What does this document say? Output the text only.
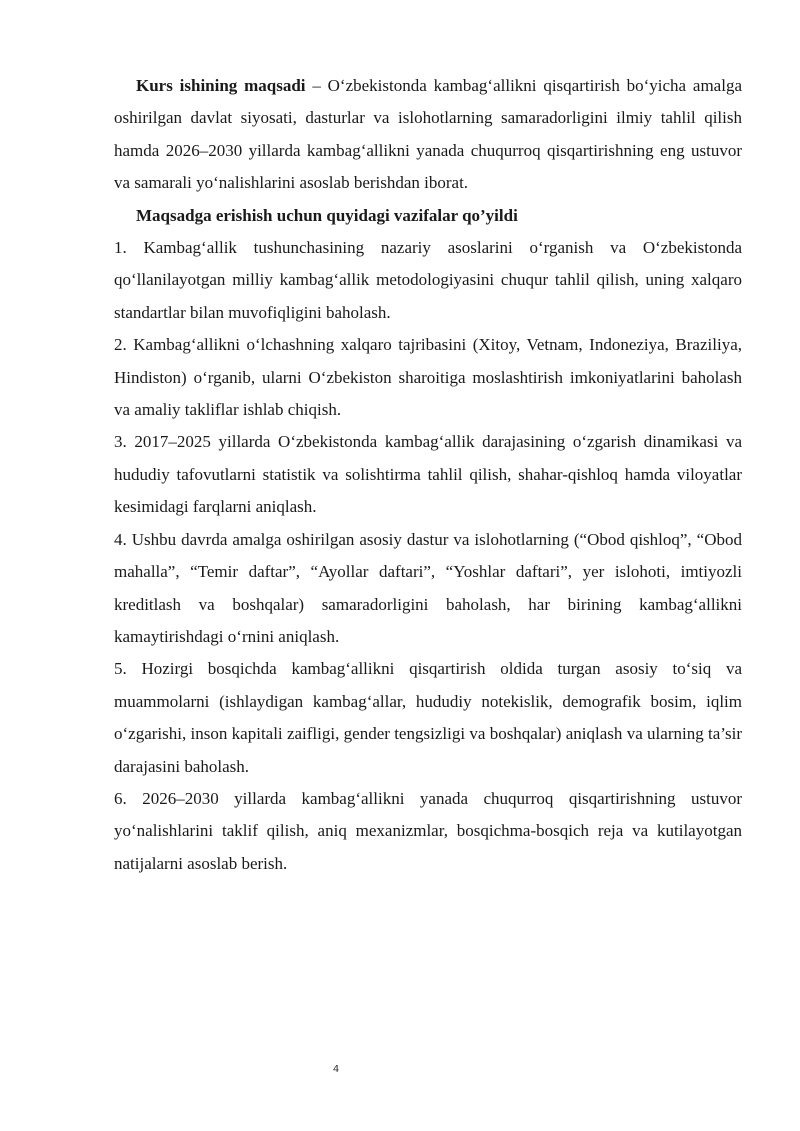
Kurs ishining maqsadi – O‘zbekistonda kambag‘allikni qisqartirish bo‘yicha amalga oshirilgan davlat siyosati, dasturlar va islohotlarning samaradorligini ilmiy tahlil qilish hamda 2026–2030 yillarda kambag‘allikni yanada chuqurroq qisqartirishning eng ustuvor va samarali yo‘nalishlarini asoslab berishdan iborat.

Maqsadga erishish uchun quyidagi vazifalar qo’yildi

1. Kambag‘allik tushunchasining nazariy asoslarini o‘rganish va O‘zbekistonda qo‘llanilayotgan milliy kambag‘allik metodologiyasini chuqur tahlil qilish, uning xalqaro standartlar bilan muvofiqligini baholash.

2. Kambag‘allikni o‘lchashning xalqaro tajribasini (Xitoy, Vetnam, Indoneziya, Braziliya, Hindiston) o‘rganib, ularni O‘zbekiston sharoitiga moslashtirish imkoniyatlarini baholash va amaliy takliflar ishlab chiqish.

3. 2017–2025 yillarda O‘zbekistonda kambag‘allik darajasining o‘zgarish dinamikasi va hududiy tafovutlarni statistik va solishtirma tahlil qilish, shahar-qishloq hamda viloyatlar kesimidagi farqlarni aniqlash.

4. Ushbu davrda amalga oshirilgan asosiy dastur va islohotlarning (“Obod qishloq”, “Obod mahalla”, “Temir daftar”, “Ayollar daftari”, “Yoshlar daftari”, yer islohoti, imtiyozli kreditlash va boshqalar) samaradorligini baholash, har birining kambag‘allikni kamaytirishdagi o‘rnini aniqlash.

5. Hozirgi bosqichda kambag‘allikni qisqartirish oldida turgan asosiy to‘siq va muammolarni (ishlaydigan kambag‘allar, hududiy notekislik, demografik bosim, iqlim o‘zgarishi, inson kapitali zaifligi, gender tengsizligi va boshqalar) aniqlash va ularning ta’sir darajasini baholash.

6. 2026–2030 yillarda kambag‘allikni yanada chuqurroq qisqartirishning ustuvor yo‘nalishlarini taklif qilish, aniq mexanizmlar, bosqichma-bosqich reja va kutilayotgan natijalarni asoslab berish.

4
